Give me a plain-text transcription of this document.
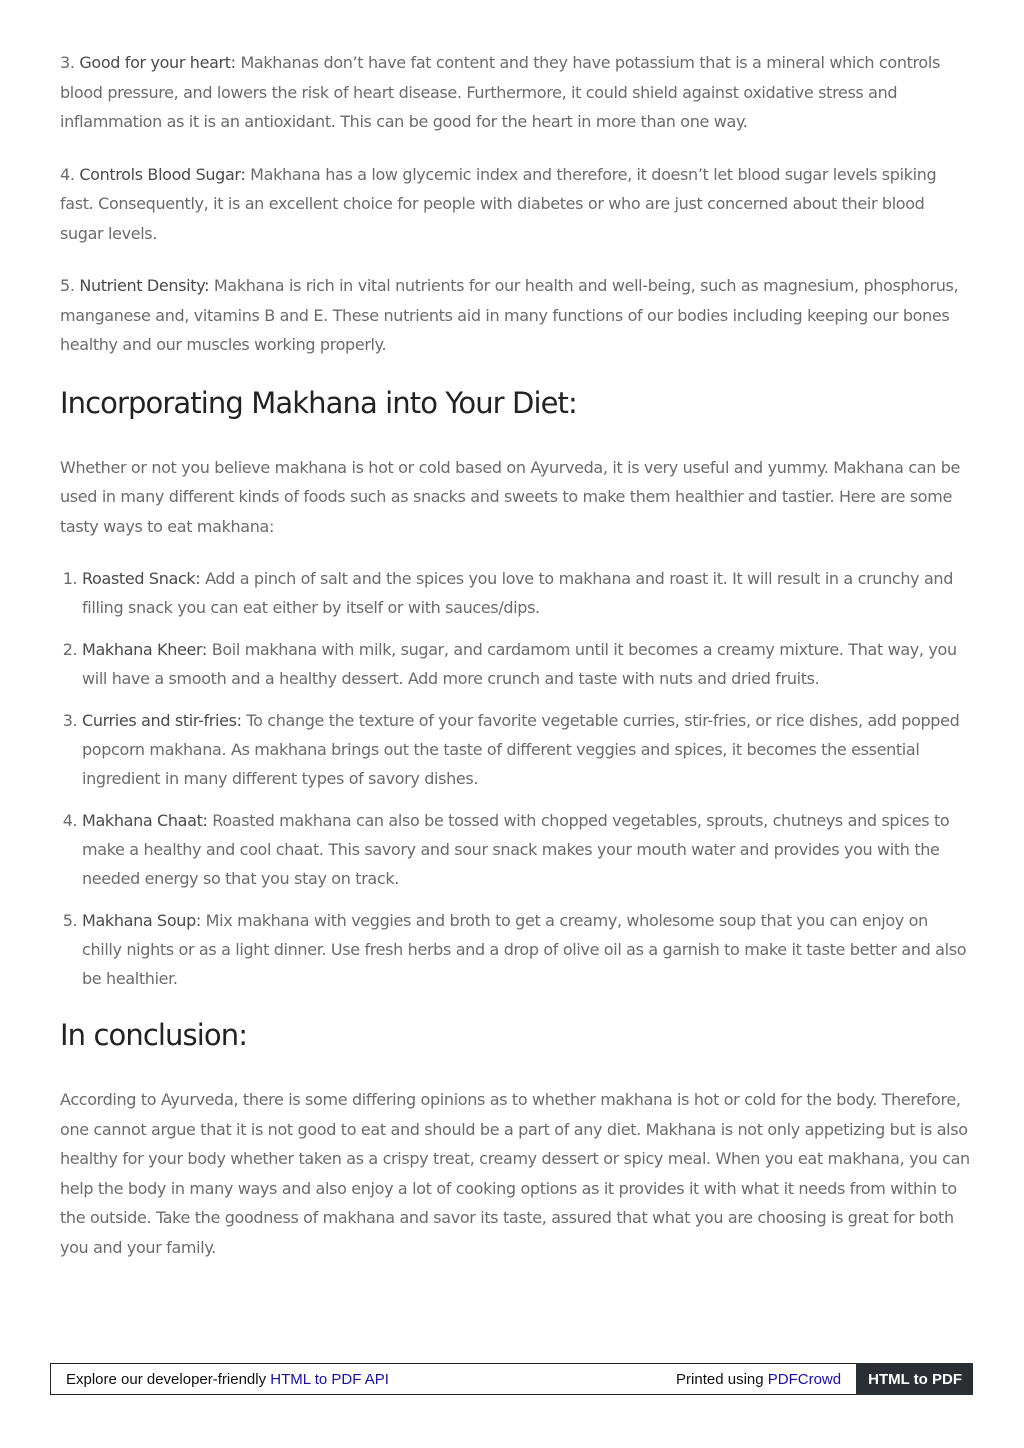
3. Good for your heart: Makhanas don’t have fat content and they have potassium that is a mineral which controls blood pressure, and lowers the risk of heart disease. Furthermore, it could shield against oxidative stress and inflammation as it is an antioxidant. This can be good for the heart in more than one way.

4. Controls Blood Sugar: Makhana has a low glycemic index and therefore, it doesn’t let blood sugar levels spiking fast. Consequently, it is an excellent choice for people with diabetes or who are just concerned about their blood sugar levels.

5. Nutrient Density: Makhana is rich in vital nutrients for our health and well-being, such as magnesium, phosphorus, manganese and, vitamins B and E. These nutrients aid in many functions of our bodies including keeping our bones healthy and our muscles working properly.

Incorporating Makhana into Your Diet:

Whether or not you believe makhana is hot or cold based on Ayurveda, it is very useful and yummy. Makhana can be used in many different kinds of foods such as snacks and sweets to make them healthier and tastier. Here are some tasty ways to eat makhana:

1. Roasted Snack: Add a pinch of salt and the spices you love to makhana and roast it. It will result in a crunchy and filling snack you can eat either by itself or with sauces/dips.
2. Makhana Kheer: Boil makhana with milk, sugar, and cardamom until it becomes a creamy mixture. That way, you will have a smooth and a healthy dessert. Add more crunch and taste with nuts and dried fruits.
3. Curries and stir-fries: To change the texture of your favorite vegetable curries, stir-fries, or rice dishes, add popped popcorn makhana. As makhana brings out the taste of different veggies and spices, it becomes the essential ingredient in many different types of savory dishes.
4. Makhana Chaat: Roasted makhana can also be tossed with chopped vegetables, sprouts, chutneys and spices to make a healthy and cool chaat. This savory and sour snack makes your mouth water and provides you with the needed energy so that you stay on track.
5. Makhana Soup: Mix makhana with veggies and broth to get a creamy, wholesome soup that you can enjoy on chilly nights or as a light dinner. Use fresh herbs and a drop of olive oil as a garnish to make it taste better and also be healthier.
In conclusion:

According to Ayurveda, there is some differing opinions as to whether makhana is hot or cold for the body. Therefore, one cannot argue that it is not good to eat and should be a part of any diet. Makhana is not only appetizing but is also healthy for your body whether taken as a crispy treat, creamy dessert or spicy meal. When you eat makhana, you can help the body in many ways and also enjoy a lot of cooking options as it provides it with what it needs from within to the outside. Take the goodness of makhana and savor its taste, assured that what you are choosing is great for both you and your family.

Explore our developer-friendly HTML to PDF API	Printed using PDFCrowd	HTML to PDF
